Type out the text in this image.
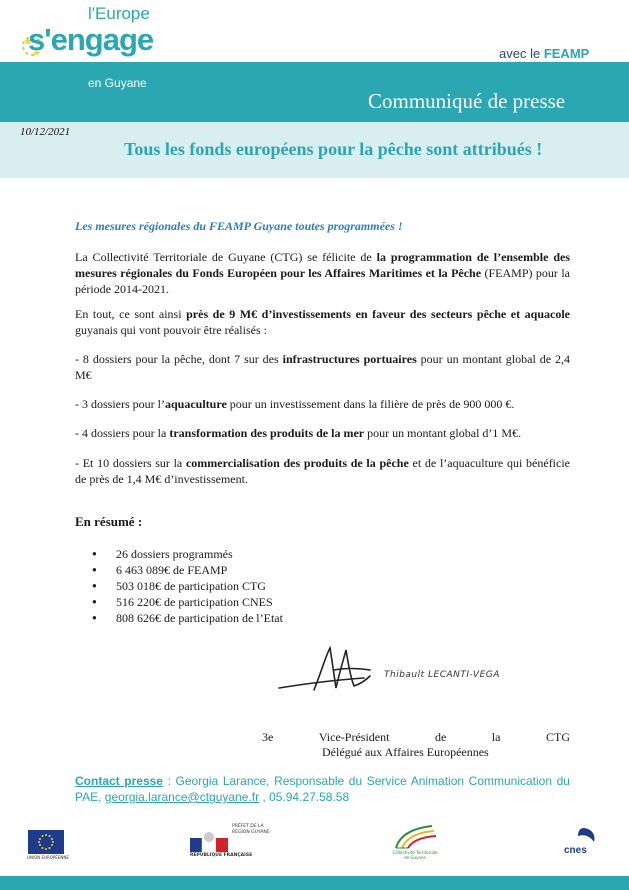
l'Europe
s'engage
en Guyane
avec le FEAMP
Communiqué de presse
10/12/2021
Tous les fonds européens pour la pêche sont attribués !
Les mesures régionales du FEAMP Guyane toutes programmées !
La Collectivité Territoriale de Guyane (CTG) se félicite de la programmation de l’ensemble des mesures régionales du Fonds Européen pour les Affaires Maritimes et la Pêche (FEAMP) pour la période 2014-2021.
En tout, ce sont ainsi près de 9 M€ d’investissements en faveur des secteurs pêche et aquacole guyanais qui vont pouvoir être réalisés :
- 8 dossiers pour la pêche, dont 7 sur des infrastructures portuaires pour un montant global de 2,4 M€
- 3 dossiers pour l’aquaculture pour un investissement dans la filière de près de 900 000 €.
- 4 dossiers pour la transformation des produits de la mer pour un montant global d’1 M€.
- Et 10 dossiers sur la commercialisation des produits de la pêche et de l’aquaculture qui bénéficie de près de 1,4 M€ d’investissement.
En résumé :
● 26 dossiers programmés
● 6 463 089€ de FEAMP
● 503 018€ de participation CTG
● 516 220€ de participation CNES
● 808 626€ de participation de l’Etat
Thibault LECANTI-VEGA
3e	Vice-Président	de	la	CTG
Délégué aux Affaires Européennes
Contact presse : Georgia Larance, Responsable du Service Animation Communication du PAE, georgia.larance@ctguyane.fr , 05.94.27.58.58
UNION EUROPÉENNE
PRÉFET DE LA
RÉGION GUYANE
RÉPUBLIQUE FRANÇAISE
Collectivité Territoriale de Guyane
cnes
